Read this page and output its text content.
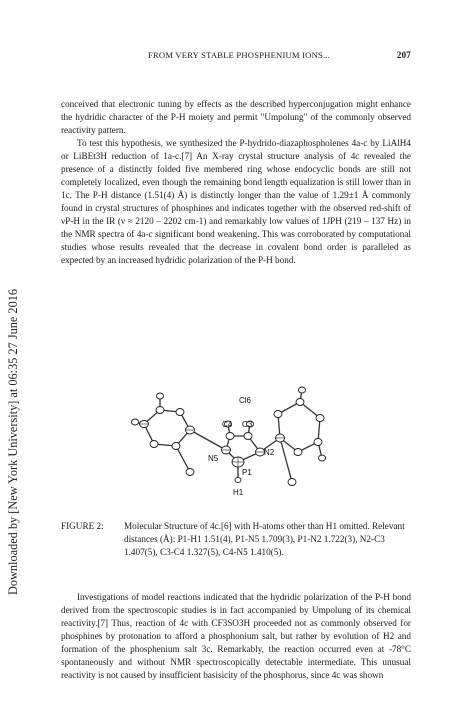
Downloaded by [New York University] at 06:35 27 June 2016
FROM VERY STABLE PHOSPHENIUM IONS...	207

conceived that electronic tuning by effects as the described hyperconjugation might enhance the hydridic character of the P-H moiety and permit "Umpolung" of the commonly observed reactivity pattern.

To test this hypothesis, we synthesized the P-hydrido-diazaphospholenes 4a-c by LiAlH4 or LiBEt3H reduction of 1a-c.[7] An X-ray crystal structure analysis of 4c revealed the presence of a distinctly folded five membered ring whose endocyclic bonds are still not completely localized, even though the remaining bond length equalization is still lower than in 1c. The P-H distance (1.51(4) Å) is distinctly longer than the value of 1.29±1 Å commonly found in crystal structures of phosphines and indicates together with the observed red-shift of νP-H in the IR (ν ≈ 2120 – 2202 cm-1) and remarkably low values of 1JPH (219 – 137 Hz) in the NMR spectra of 4a-c significant bond weakening. This was corroborated by computational studies whose results revealed that the decrease in covalent bond order is paralleled as expected by an increased hydridic polarization of the P-H bond.

Cl6
C4 C3
N5
N2
P1
H1
FIGURE 2: Molecular Structure of 4c.[6] with H-atoms other than H1 omitted. Relevant distances (Å): P1-H1 1.51(4), P1-N5 1.709(3), P1-N2 1.722(3), N2-C3 1.407(5), C3-C4 1.327(5), C4-N5 1.410(5).

Investigations of model reactions indicated that the hydridic polarization of the P-H bond derived from the spectroscopic studies is in fact accompanied by Umpolung of its chemical reactivity.[7] Thus, reaction of 4c with CF3SO3H proceeded not as commonly observed for phosphines by protonation to afford a phosphonium salt, but rather by evolution of H2 and formation of the phosphenium salt 3c. Remarkably, the reaction occurred even at -78°C spontaneously and without NMR spectroscopically detectable intermediate. This unusual reactivity is not caused by insufficient basisicity of the phosphorus, since 4c was shown
